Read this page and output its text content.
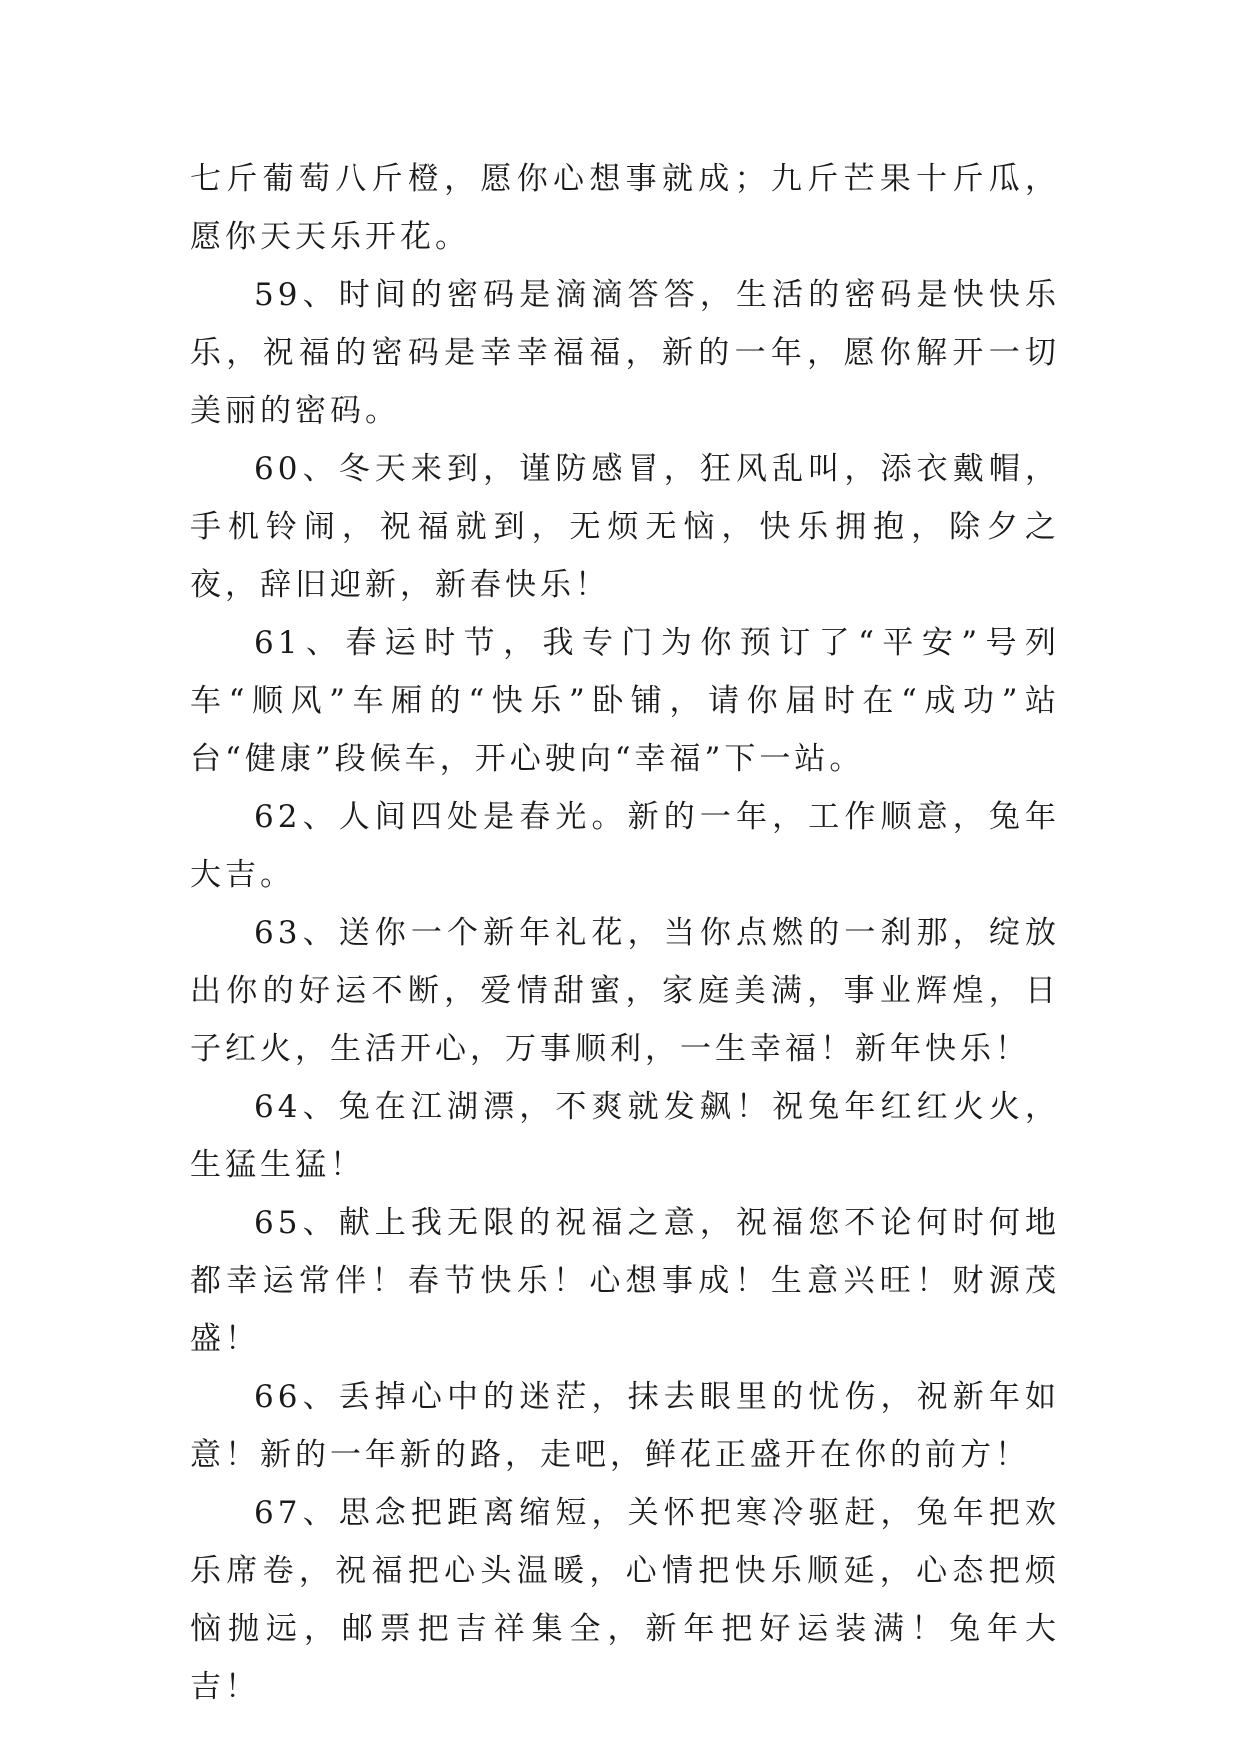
七斤葡萄八斤橙，愿你心想事就成；九斤芒果十斤瓜，愿你天天乐开花。

59、时间的密码是滴滴答答，生活的密码是快快乐乐，祝福的密码是幸幸福福，新的一年，愿你解开一切美丽的密码。

60、冬天来到，谨防感冒，狂风乱叫，添衣戴帽，手机铃闹，祝福就到，无烦无恼，快乐拥抱，除夕之夜，辞旧迎新，新春快乐！

61、春运时节，我专门为你预订了“平安”号列车“顺风”车厢的“快乐”卧铺，请你届时在“成功”站台“健康”段候车，开心驶向“幸福”下一站。

62、人间四处是春光。新的一年，工作顺意，兔年大吉。

63、送你一个新年礼花，当你点燃的一刹那，绽放出你的好运不断，爱情甜蜜，家庭美满，事业辉煌，日子红火，生活开心，万事顺利，一生幸福！新年快乐！

64、兔在江湖漂，不爽就发飙！祝兔年红红火火，生猛生猛！

65、献上我无限的祝福之意，祝福您不论何时何地都幸运常伴！春节快乐！心想事成！生意兴旺！财源茂盛！

66、丢掉心中的迷茫，抹去眼里的忧伤，祝新年如意！新的一年新的路，走吧，鲜花正盛开在你的前方！

67、思念把距离缩短，关怀把寒冷驱赶，兔年把欢乐席卷，祝福把心头温暖，心情把快乐顺延，心态把烦恼抛远，邮票把吉祥集全，新年把好运装满！兔年大吉！
